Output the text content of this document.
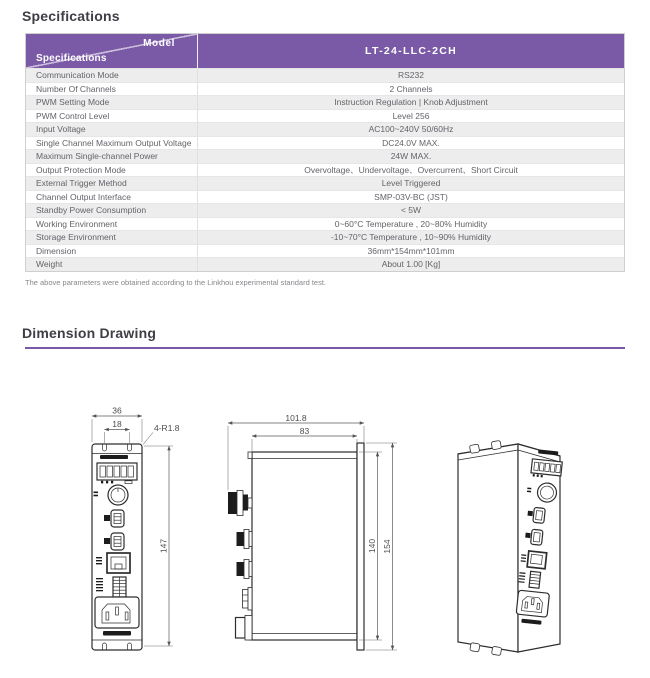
Specifications
Model
Specifications
LT-24-LLC-2CH
Communication Mode	RS232
Number Of Channels	2 Channels
PWM Setting Mode	Instruction Regulation | Knob Adjustment
PWM Control Level	Level 256
Input Voltage	AC100~240V 50/60Hz
Single Channel Maximum Output Voltage	DC24.0V MAX.
Maximum Single-channel Power	24W MAX.
Output Protection Mode	Overvoltage、Undervoltage、Overcurrent、Short Circuit
External Trigger Method	Level Triggered
Channel Output Interface	SMP-03V-BC (JST)
Standby Power Consumption	< 5W
Working Environment	0~60°C Temperature , 20~80% Humidity
Storage Environment	-10~70°C Temperature , 10~90% Humidity
Dimension	36mm*154mm*101mm
Weight	About 1.00 [Kg]
The above parameters were obtained according to the Linkhou experimental standard test.
Dimension Drawing
36
18	4-R1.8
147
101.8
83
140 154
